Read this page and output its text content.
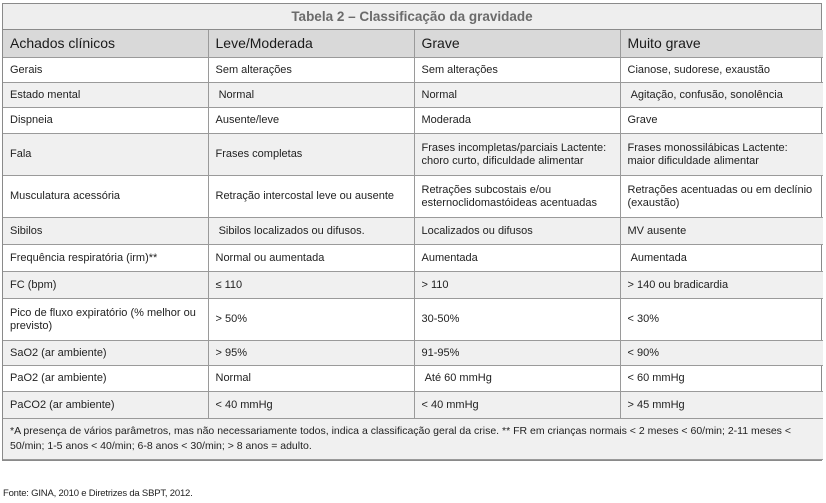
Tabela 2 – Classificação da gravidade
Achados clínicos	Leve/Moderada	Grave	Muito grave
Gerais	Sem alterações	Sem alterações	Cianose, sudorese, exaustão
Estado mental	Normal	Normal	Agitação, confusão, sonolência
Dispneia	Ausente/leve	Moderada	Grave
Fala	Frases completas	Frases incompletas/parciais Lactente: choro curto, dificuldade alimentar	Frases monossilábicas Lactente: maior dificuldade alimentar
Musculatura acessória	Retração intercostal leve ou ausente	Retrações subcostais e/ou esternoclidomastóideas acentuadas	Retrações acentuadas ou em declínio (exaustão)
Sibilos	Sibilos localizados ou difusos.	Localizados ou difusos	MV ausente
Frequência respiratória (irm)**	Normal ou aumentada	Aumentada	Aumentada
FC (bpm)	≤ 110	> 110	> 140 ou bradicardia
Pico de fluxo expiratório (% melhor ou previsto)	> 50%	30-50%	< 30%
SaO2 (ar ambiente)	> 95%	91-95%	< 90%
PaO2 (ar ambiente)	Normal	Até 60 mmHg	< 60 mmHg
PaCO2 (ar ambiente)	< 40 mmHg	< 40 mmHg	> 45 mmHg
*A presença de vários parâmetros, mas não necessariamente todos, indica a classificação geral da crise. ** FR em crianças normais < 2 meses < 60/min; 2-11 meses < 50/min; 1-5 anos < 40/min; 6-8 anos < 30/min; > 8 anos = adulto.			
Fonte: GINA, 2010 e Diretrizes da SBPT, 2012.
